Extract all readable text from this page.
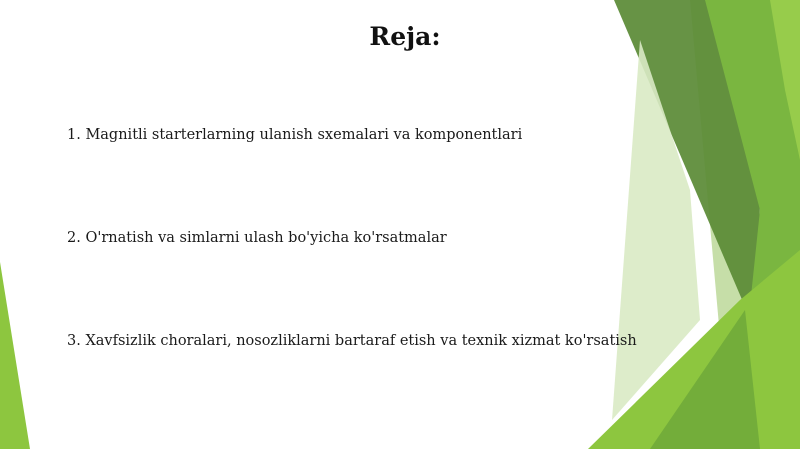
Reja:
1. Magnitli starterlarning ulanish sxemalari va komponentlari
2. O'rnatish va simlarni ulash bo'yicha ko'rsatmalar
3. Xavfsizlik choralari, nosozliklarni bartaraf etish va texnik xizmat ko'rsatish
